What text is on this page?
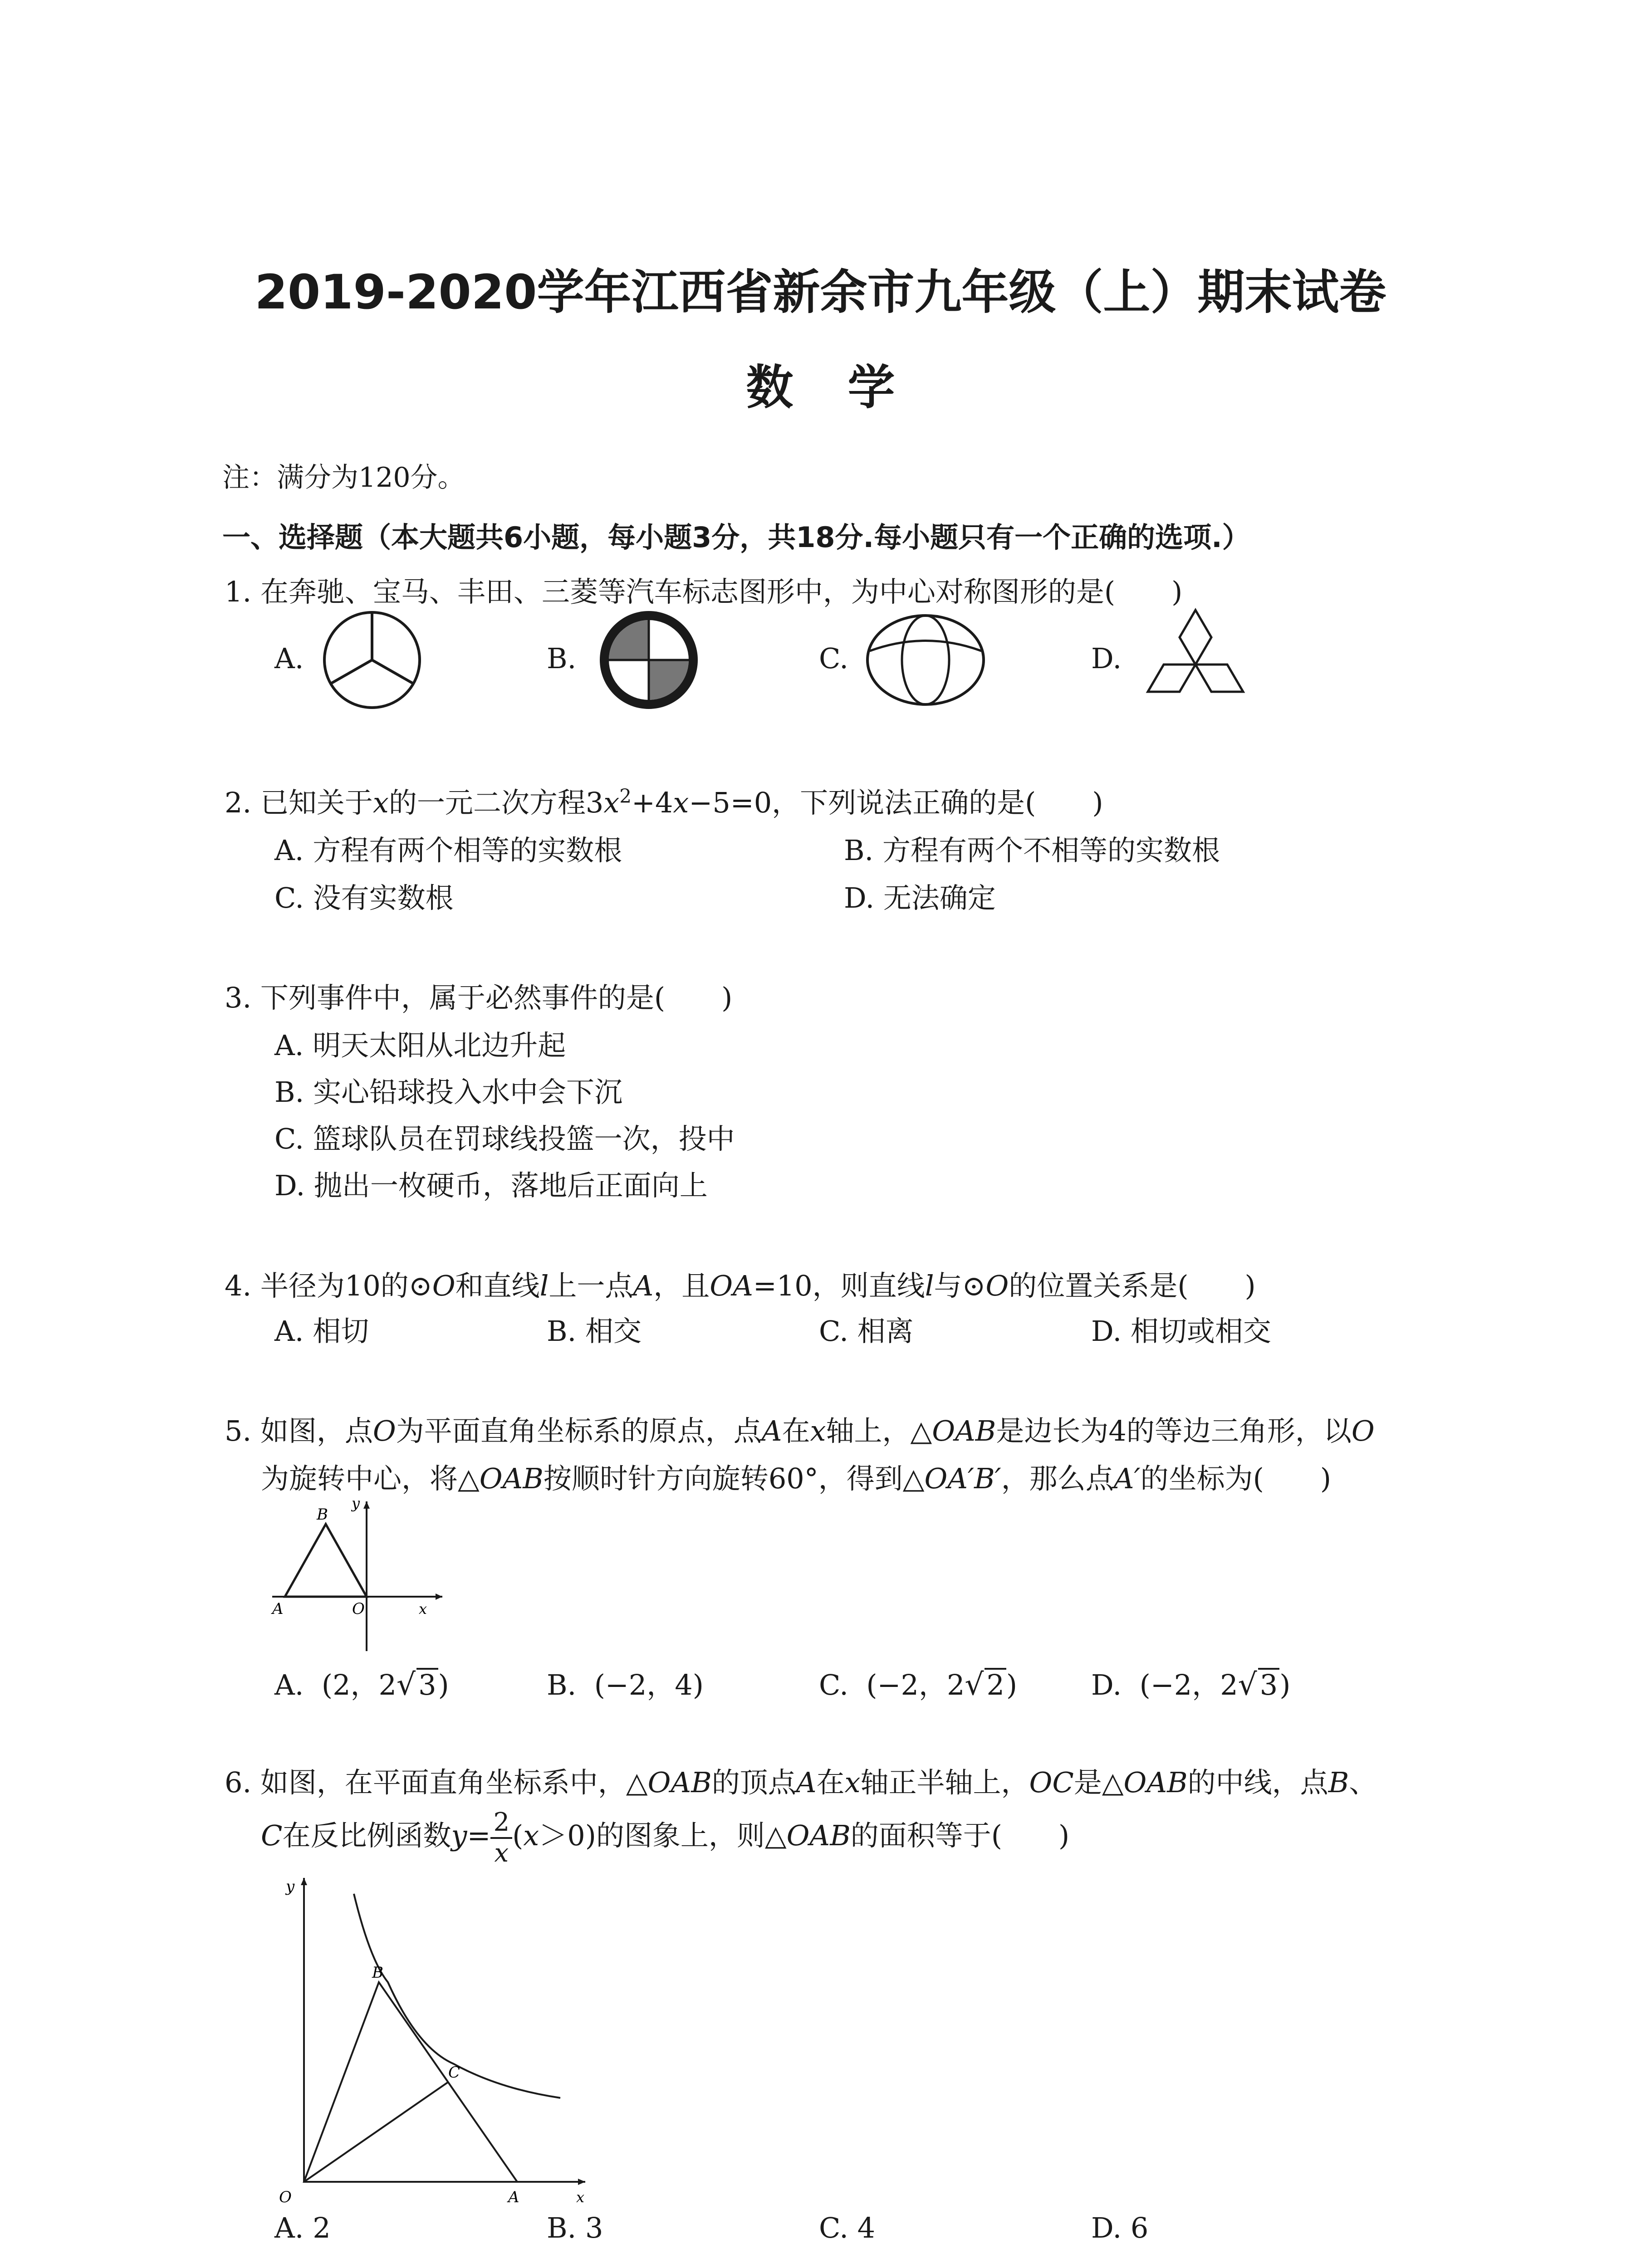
2019-2020学年江西省新余市九年级（上）期末试卷
数学
注：满分为120分。
一、选择题（本大题共6小题，每小题3分，共18分.每小题只有一个正确的选项.）
1. 在奔驰、宝马、丰田、三菱等汽车标志图形中，为中心对称图形的是(　　)
A.	B.	C.	D.
2. 已知关于x的一元二次方程$3x^2+4x-5=0$，下列说法正确的是(　　)
A. 方程有两个相等的实数根	B. 方程有两个不相等的实数根
C. 没有实数根	D. 无法确定
3. 下列事件中，属于必然事件的是(　　)
A. 明天太阳从北边升起
B. 实心铅球投入水中会下沉
C. 篮球队员在罚球线投篮一次，投中
D. 抛出一枚硬币，落地后正面向上
4. 半径为10的⊙O和直线l上一点A，且OA=10，则直线l与⊙O的位置关系是(　　)
A. 相切	B. 相交	C. 相离	D. 相切或相交
5. 如图，点O为平面直角坐标系的原点，点A在x轴上，△OAB是边长为4的等边三角形，以O
为旋转中心，将△OAB按顺时针方向旋转60°，得到△OA′B′，那么点A′的坐标为(　　)
B
y
A	O	x
A. (2，2√3)	B. (−2，4)	C. (−2，2√2)	D. (−2，2√3)
6. 如图，在平面直角坐标系中，△OAB的顶点A在x轴正半轴上，OC是△OAB的中线，点B、
C在反比例函数$y= \frac{2}{x} (x>0)$的图象上，则△OAB的面积等于(　　)
y
B
C
O	A	x
A. 2	B. 3	C. 4	D. 6
